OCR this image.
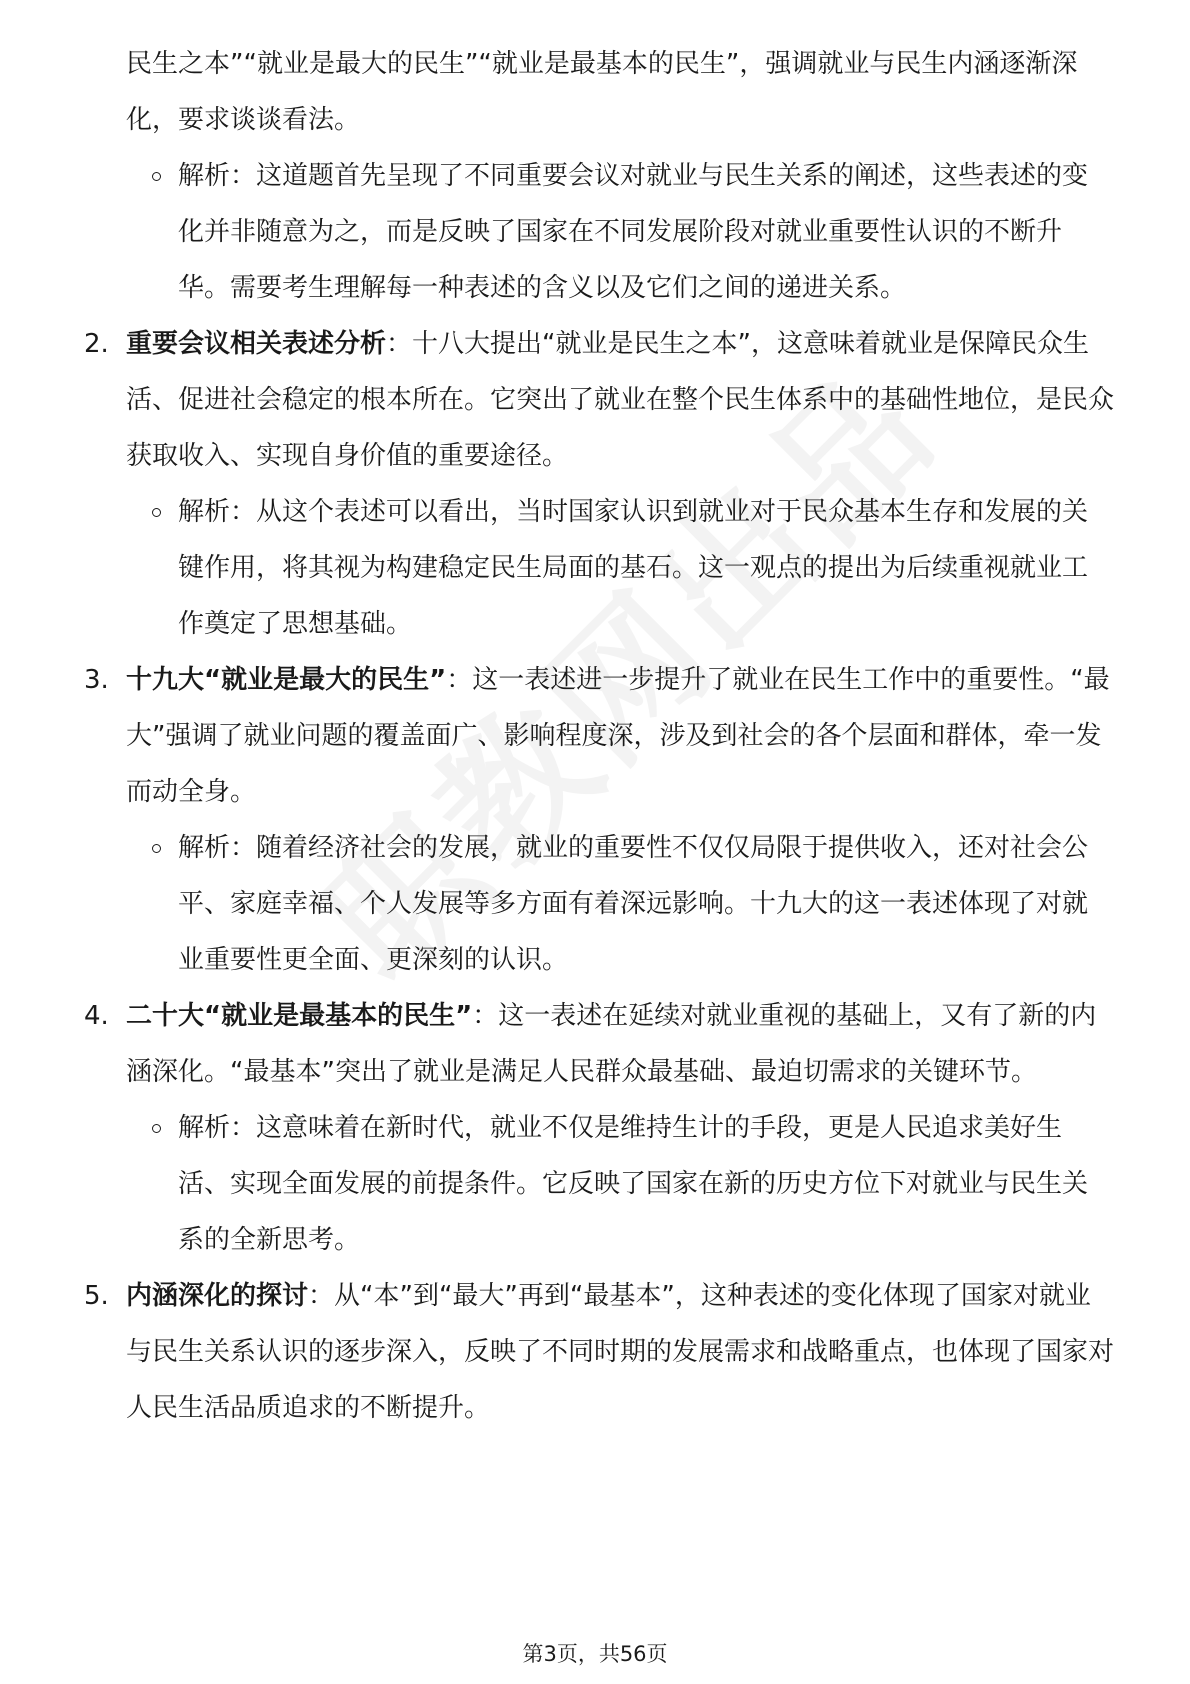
民生之本”“就业是最大的民生”“就业是最基本的民生”，强调就业与民生内涵逐渐深化，要求谈谈看法。

解析：这道题首先呈现了不同重要会议对就业与民生关系的阐述，这些表述的变化并非随意为之，而是反映了国家在不同发展阶段对就业重要性认识的不断升华。需要考生理解每一种表述的含义以及它们之间的递进关系。

2. 重要会议相关表述分析：十八大提出“就业是民生之本”，这意味着就业是保障民众生活、促进社会稳定的根本所在。它突出了就业在整个民生体系中的基础性地位，是民众获取收入、实现自身价值的重要途径。

解析：从这个表述可以看出，当时国家认识到就业对于民众基本生存和发展的关键作用，将其视为构建稳定民生局面的基石。这一观点的提出为后续重视就业工作奠定了思想基础。

3. 十九大“就业是最大的民生”：这一表述进一步提升了就业在民生工作中的重要性。“最大”强调了就业问题的覆盖面广、影响程度深，涉及到社会的各个层面和群体，牵一发而动全身。

解析：随着经济社会的发展，就业的重要性不仅仅局限于提供收入，还对社会公平、家庭幸福、个人发展等多方面有着深远影响。十九大的这一表述体现了对就业重要性更全面、更深刻的认识。

4. 二十大“就业是最基本的民生”：这一表述在延续对就业重视的基础上，又有了新的内涵深化。“最基本”突出了就业是满足人民群众最基础、最迫切需求的关键环节。

解析：这意味着在新时代，就业不仅是维持生计的手段，更是人民追求美好生活、实现全面发展的前提条件。它反映了国家在新的历史方位下对就业与民生关系的全新思考。

5. 内涵深化的探讨：从“本”到“最大”再到“最基本”，这种表述的变化体现了国家对就业与民生关系认识的逐步深入，反映了不同时期的发展需求和战略重点，也体现了国家对人民生活品质追求的不断提升。

第3页，共56页
